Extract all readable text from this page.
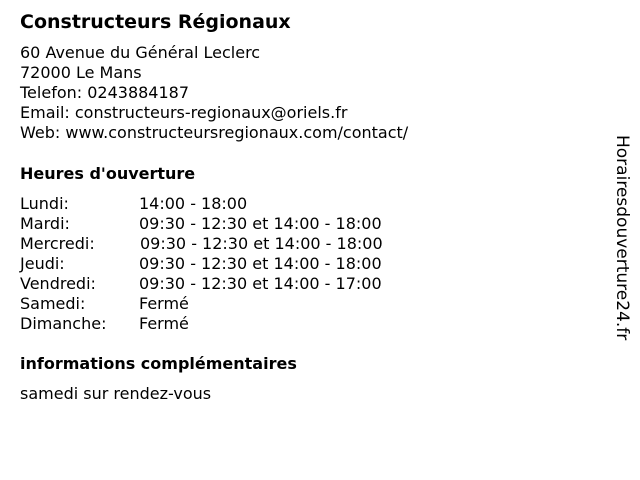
Constructeurs Régionaux
60 Avenue du Général Leclerc
72000 Le Mans
Telefon: 0243884187
Email: constructeurs-regionaux@oriels.fr
Web: www.constructeursregionaux.com/contact/
Heures d'ouverture
Lundi:	14:00 - 18:00
Mardi:	09:30 - 12:30 et 14:00 - 18:00
Mercredi:	09:30 - 12:30 et 14:00 - 18:00
Jeudi:	09:30 - 12:30 et 14:00 - 18:00
Vendredi:	09:30 - 12:30 et 14:00 - 17:00
Samedi:	Fermé
Dimanche: Fermé
informations complémentaires
samedi sur rendez-vous
Horairesdouverture24.fr
